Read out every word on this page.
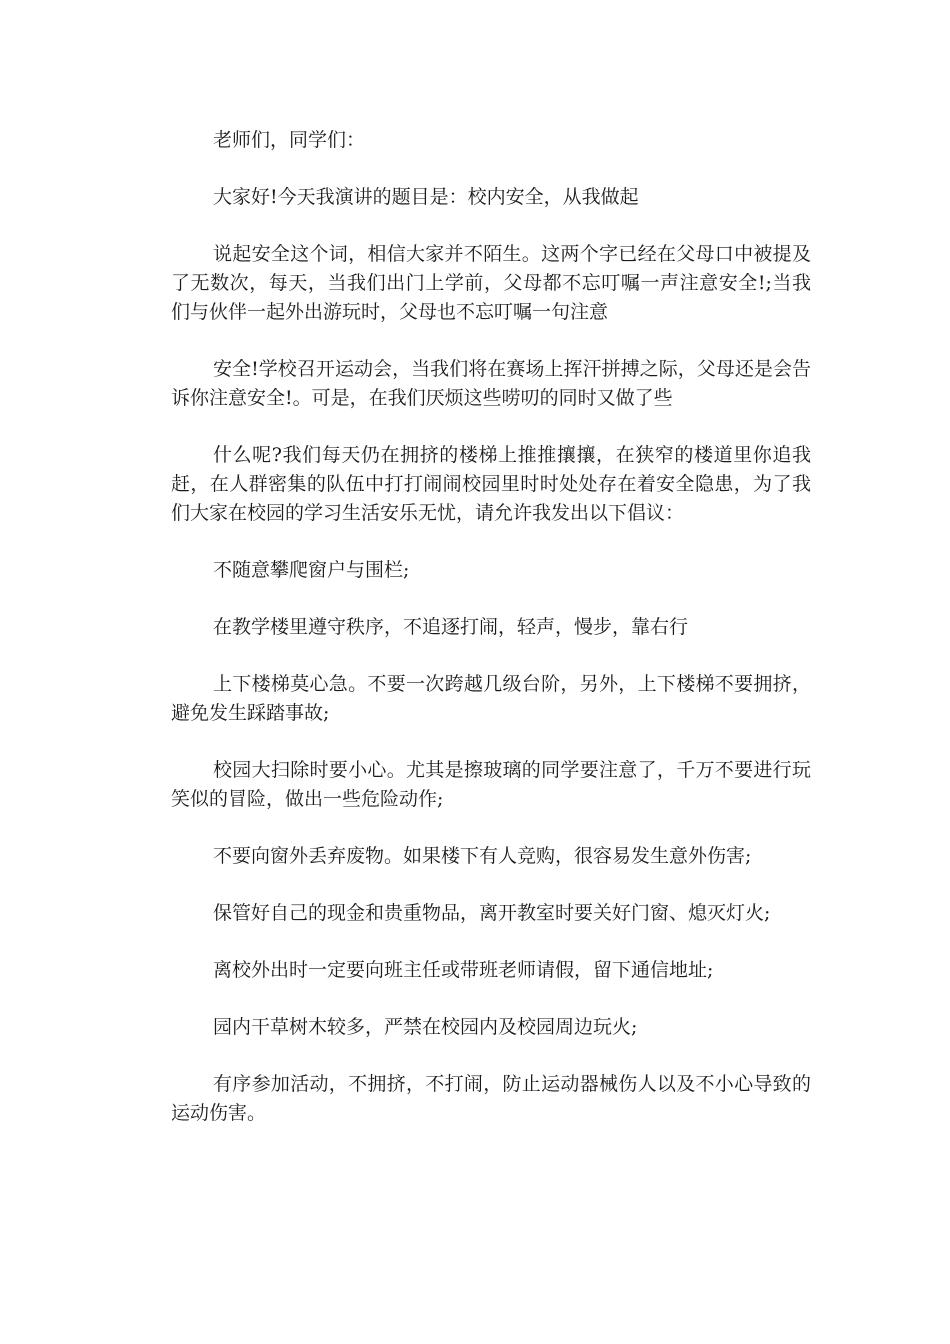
老师们，同学们：

大家好!今天我演讲的题目是：校内安全，从我做起

说起安全这个词，相信大家并不陌生。这两个字已经在父母口中被提及了无数次，每天，当我们出门上学前，父母都不忘叮嘱一声注意安全!;当我们与伙伴一起外出游玩时，父母也不忘叮嘱一句注意

安全!学校召开运动会，当我们将在赛场上挥汗拼搏之际，父母还是会告诉你注意安全!。可是，在我们厌烦这些唠叨的同时又做了些

什么呢?我们每天仍在拥挤的楼梯上推推攘攘，在狭窄的楼道里你追我赶，在人群密集的队伍中打打闹闹校园里时时处处存在着安全隐患，为了我们大家在校园的学习生活安乐无忧，请允许我发出以下倡议：

不随意攀爬窗户与围栏;

在教学楼里遵守秩序，不追逐打闹，轻声，慢步，靠右行

上下楼梯莫心急。不要一次跨越几级台阶，另外，上下楼梯不要拥挤，避免发生踩踏事故;

校园大扫除时要小心。尤其是擦玻璃的同学要注意了，千万不要进行玩笑似的冒险，做出一些危险动作;

不要向窗外丢弃废物。如果楼下有人竞购，很容易发生意外伤害;

保管好自己的现金和贵重物品，离开教室时要关好门窗、熄灭灯火;

离校外出时一定要向班主任或带班老师请假，留下通信地址;

园内干草树木较多，严禁在校园内及校园周边玩火;

有序参加活动，不拥挤，不打闹，防止运动器械伤人以及不小心导致的运动伤害。
